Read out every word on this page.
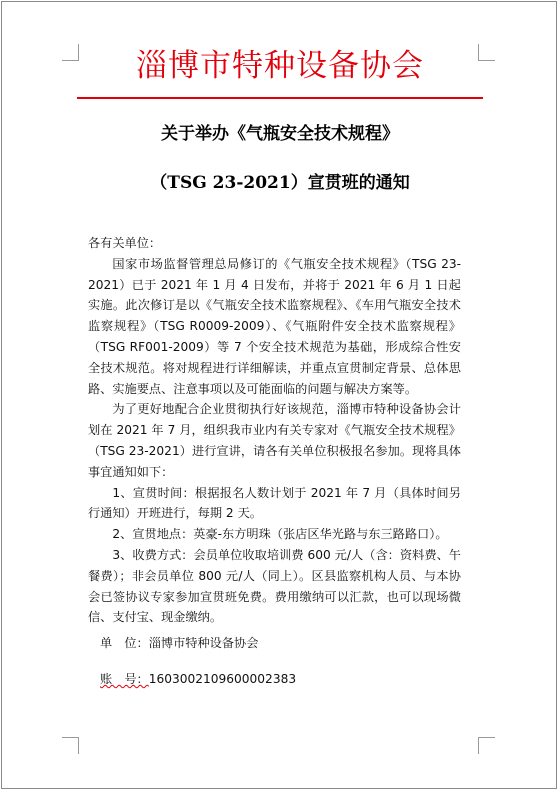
淄博市特种设备协会
关于举办《气瓶安全技术规程》
（TSG 23-2021）宣贯班的通知

各有关单位：

国家市场监督管理总局修订的《气瓶安全技术规程》（TSG 23-2021）已于 2021 年 1 月 4 日发布，并将于 2021 年 6 月 1 日起实施。此次修订是以《气瓶安全技术监察规程》、《车用气瓶安全技术监察规程》（TSG R0009-2009）、《气瓶附件安全技术监察规程》（TSG RF001-2009）等 7 个安全技术规范为基础，形成综合性安全技术规范。将对规程进行详细解读，并重点宣贯制定背景、总体思路、实施要点、注意事项以及可能面临的问题与解决方案等。

为了更好地配合企业贯彻执行好该规范，淄博市特种设备协会计划在 2021 年 7 月，组织我市业内有关专家对《气瓶安全技术规程》（TSG 23-2021）进行宣讲，请各有关单位积极报名参加。现将具体事宜通知如下：

1、宣贯时间：根据报名人数计划于 2021 年 7 月（具体时间另行通知）开班进行，每期 2 天。

2、宣贯地点：英豪-东方明珠（张店区华光路与东三路路口）。

3、收费方式：会员单位收取培训费 600 元/人（含：资料费、午餐费）；非会员单位 800 元/人（同上）。区县监察机构人员、与本协会已签协议专家参加宣贯班免费。费用缴纳可以汇款，也可以现场微信、支付宝、现金缴纳。

单　位：淄博市特种设备协会
账　号：1603002109600002383
